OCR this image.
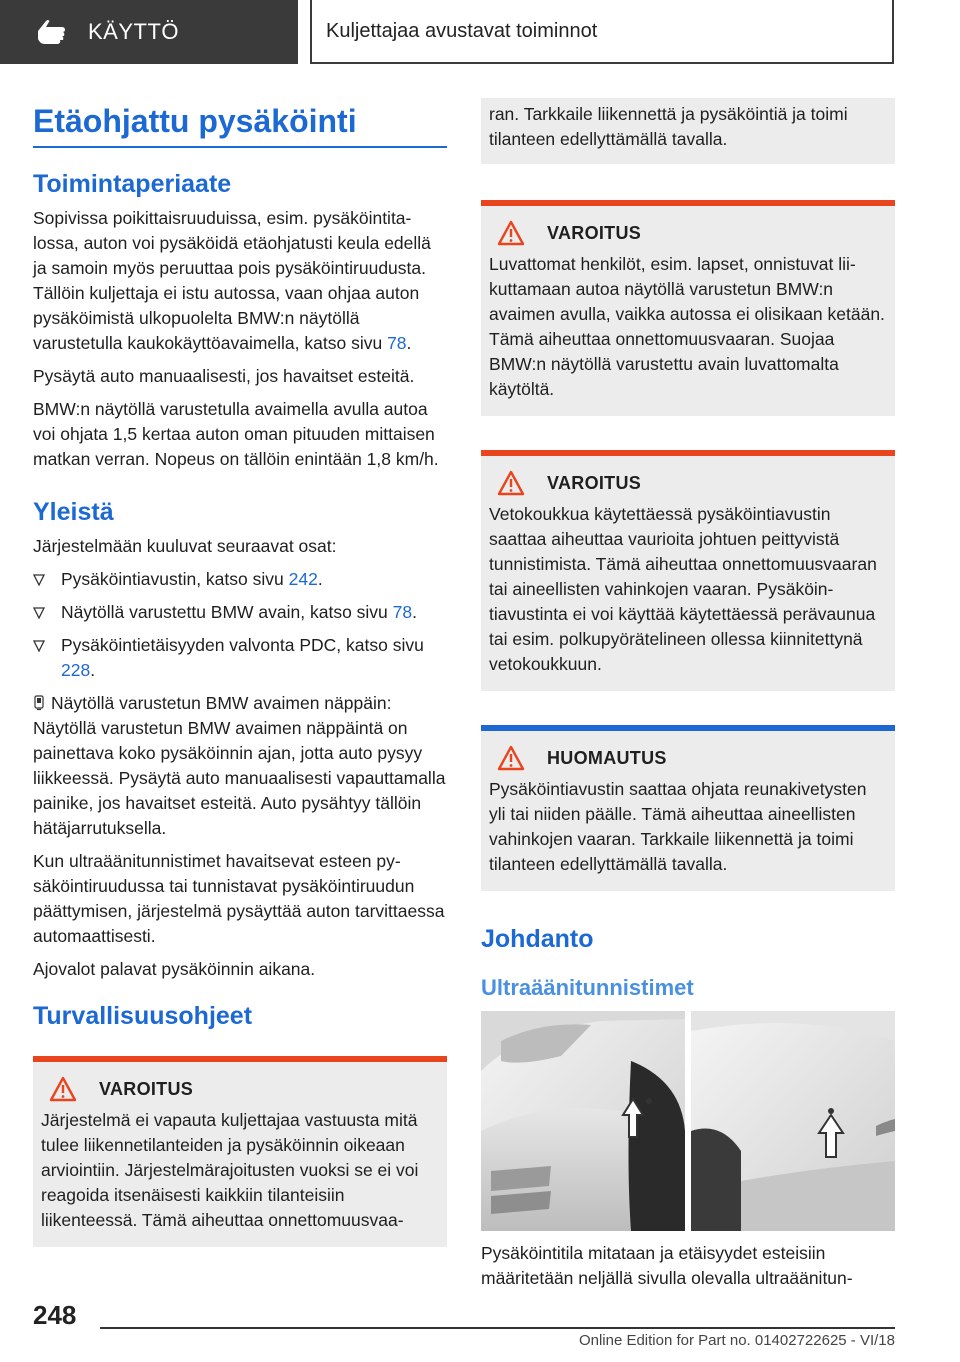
KÄYTTÖ	Kuljettajaa avustavat toiminnot
Etäohjattu pysäköinti
Toimintaperiaate

Sopivissa poikittaisruuduissa, esim. pysäköintitalossa, auton voi pysäköidä etäohjatusti keula edellä ja samoin myös peruuttaa pois pysäköintiruudusta. Tällöin kuljettaja ei istu autossa, vaan ohjaa auton pysäköimistä ulkopuolelta BMW:n näytöllä varustetulla kaukokäyttöavaimella, katso sivu 78.

Pysäytä auto manuaalisesti, jos havaitset esteitä.

BMW:n näytöllä varustetulla avaimella avulla autoa voi ohjata 1,5 kertaa auton oman pituuden mittaisen matkan verran. Nopeus on tällöin enintään 1,8 km/h.

Yleistä

Järjestelmään kuuluvat seuraavat osat:

Pysäköintiavustin, katso sivu 242.
Näytöllä varustettu BMW avain, katso sivu 78.
Pysäköintietäisyyden valvonta PDC, katso sivu 228.

Näytöllä varustetun BMW avaimen näppäin:

Näytöllä varustetun BMW avaimen näppäintä on painettava koko pysäköinnin ajan, jotta auto pysyy liikkeessä. Pysäytä auto manuaalisesti vapauttamalla painike, jos havaitset esteitä. Auto pysähtyy tällöin hätäjarrutuksella.

Kun ultraäänitunnistimet havaitsevat esteen pysäköintiruudussa tai tunnistavat pysäköintiruudun päättymisen, järjestelmä pysäyttää auton tarvittaessa automaattisesti.

Ajovalot palavat pysäköinnin aikana.

Turvallisuusohjeet
VAROITUS

Järjestelmä ei vapauta kuljettajaa vastuusta mitä tulee liikennetilanteiden ja pysäköinnin oikeaan arviointiin. Järjestelmärajoitusten vuoksi se ei voi reagoida itsenäisesti kaikkiin tilanteisiin liikenteessä. Tämä aiheuttaa onnettomuusvaa-

ran. Tarkkaile liikennettä ja pysäköintiä ja toimi tilanteen edellyttämällä tavalla.

VAROITUS

Luvattomat henkilöt, esim. lapset, onnistuvat liikuttamaan autoa näytöllä varustetun BMW:n avaimen avulla, vaikka autossa ei olisikaan ketään. Tämä aiheuttaa onnettomuusvaaran. Suojaa BMW:n näytöllä varustettu avain luvattomalta käytöltä.

VAROITUS

Vetokoukkua käytettäessä pysäköintiavustin saattaa aiheuttaa vaurioita johtuen peittyvistä tunnistimista. Tämä aiheuttaa onnettomuusvaaran tai aineellisten vahinkojen vaaran. Pysäköintiavustinta ei voi käyttää käytettäessä perävaunua tai esim. polkupyörätelineen ollessa kiinnitettynä vetokoukkuun.

HUOMAUTUS

Pysäköintiavustin saattaa ohjata reunakivetysten yli tai niiden päälle. Tämä aiheuttaa aineellisten vahinkojen vaaran. Tarkkaile liikennettä ja toimi tilanteen edellyttämällä tavalla.

Johdanto
Ultraäänitunnistimet

Pysäköintitila mitataan ja etäisyydet esteisiin määritetään neljällä sivulla olevalla ultraäänitun-

248
Online Edition for Part no. 01402722625 - VI/18
